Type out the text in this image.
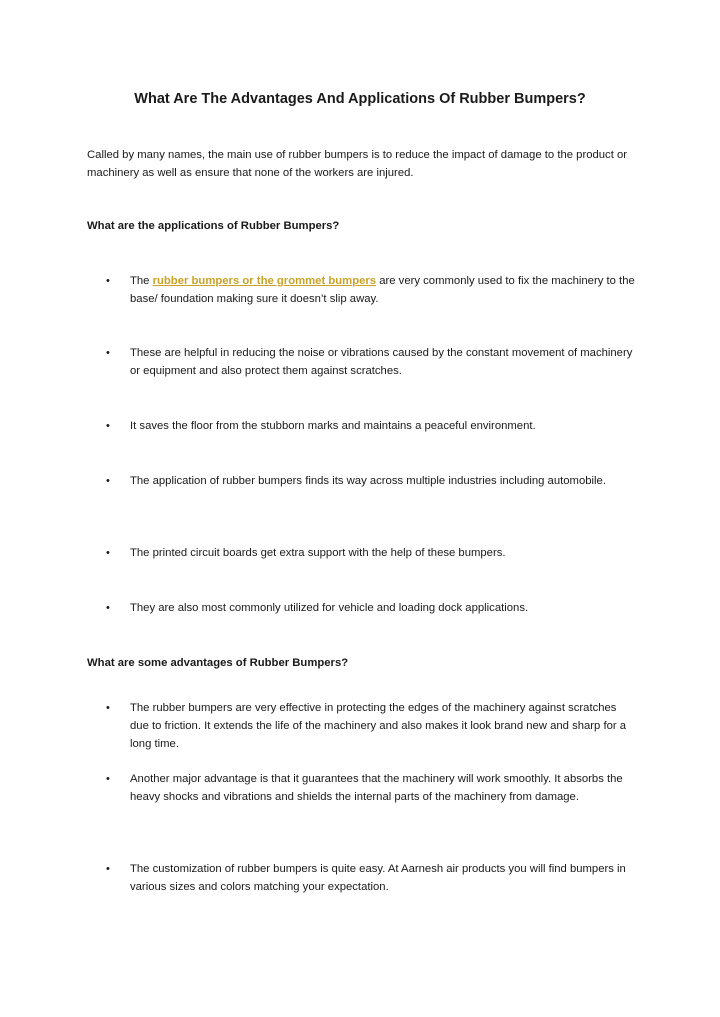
What Are The Advantages And Applications Of Rubber Bumpers?

Called by many names, the main use of rubber bumpers is to reduce the impact of damage to the product or machinery as well as ensure that none of the workers are injured.

What are the applications of Rubber Bumpers?
•	The rubber bumpers or the grommet bumpers are very commonly used to fix the machinery to the base/ foundation making sure it doesn’t slip away.
•	These are helpful in reducing the noise or vibrations caused by the constant movement of machinery or equipment and also protect them against scratches.
•	It saves the floor from the stubborn marks and maintains a peaceful environment.
•	The application of rubber bumpers finds its way across multiple industries including automobile.
•	The printed circuit boards get extra support with the help of these bumpers.
•	They are also most commonly utilized for vehicle and loading dock applications.
What are some advantages of Rubber Bumpers?
•	The rubber bumpers are very effective in protecting the edges of the machinery against scratches due to friction. It extends the life of the machinery and also makes it look brand new and sharp for a long time.
•	Another major advantage is that it guarantees that the machinery will work smoothly. It absorbs the heavy shocks and vibrations and shields the internal parts of the machinery from damage.
•	The customization of rubber bumpers is quite easy. At Aarnesh air products you will find bumpers in various sizes and colors matching your expectation.
